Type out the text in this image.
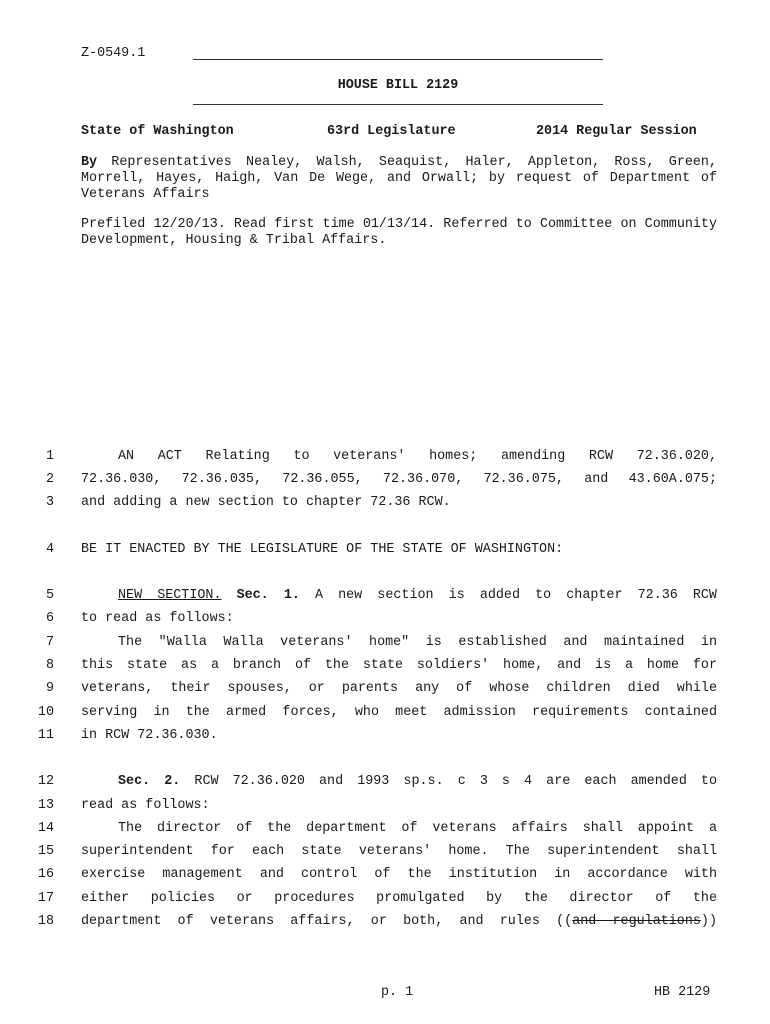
Z-0549.1
HOUSE BILL 2129
State of Washington	63rd Legislature	2014 Regular Session
By Representatives Nealey, Walsh, Seaquist, Haler, Appleton, Ross, Green, Morrell, Hayes, Haigh, Van De Wege, and Orwall; by request of Department of Veterans Affairs
Prefiled 12/20/13. Read first time 01/13/14. Referred to Committee on Community Development, Housing & Tribal Affairs.
1	AN ACT Relating to veterans' homes; amending RCW 72.36.020,
2 72.36.030, 72.36.035, 72.36.055, 72.36.070, 72.36.075, and 43.60A.075;
3 and adding a new section to chapter 72.36 RCW.
4 BE IT ENACTED BY THE LEGISLATURE OF THE STATE OF WASHINGTON:
5	NEW SECTION. Sec. 1. A new section is added to chapter 72.36 RCW
6 to read as follows:
7	The "Walla Walla veterans' home" is established and maintained in
8 this state as a branch of the state soldiers' home, and is a home for
9 veterans, their spouses, or parents any of whose children died while
10 serving in the armed forces, who meet admission requirements contained
11 in RCW 72.36.030.
12	Sec. 2. RCW 72.36.020 and 1993 sp.s. c 3 s 4 are each amended to
13 read as follows:
14	The director of the department of veterans affairs shall appoint a
15 superintendent for each state veterans' home. The superintendent shall
16 exercise management and control of the institution in accordance with
17 either policies or procedures promulgated by the director of the
18 department of veterans affairs, or both, and rules ((and regulations))
p. 1	HB 2129
